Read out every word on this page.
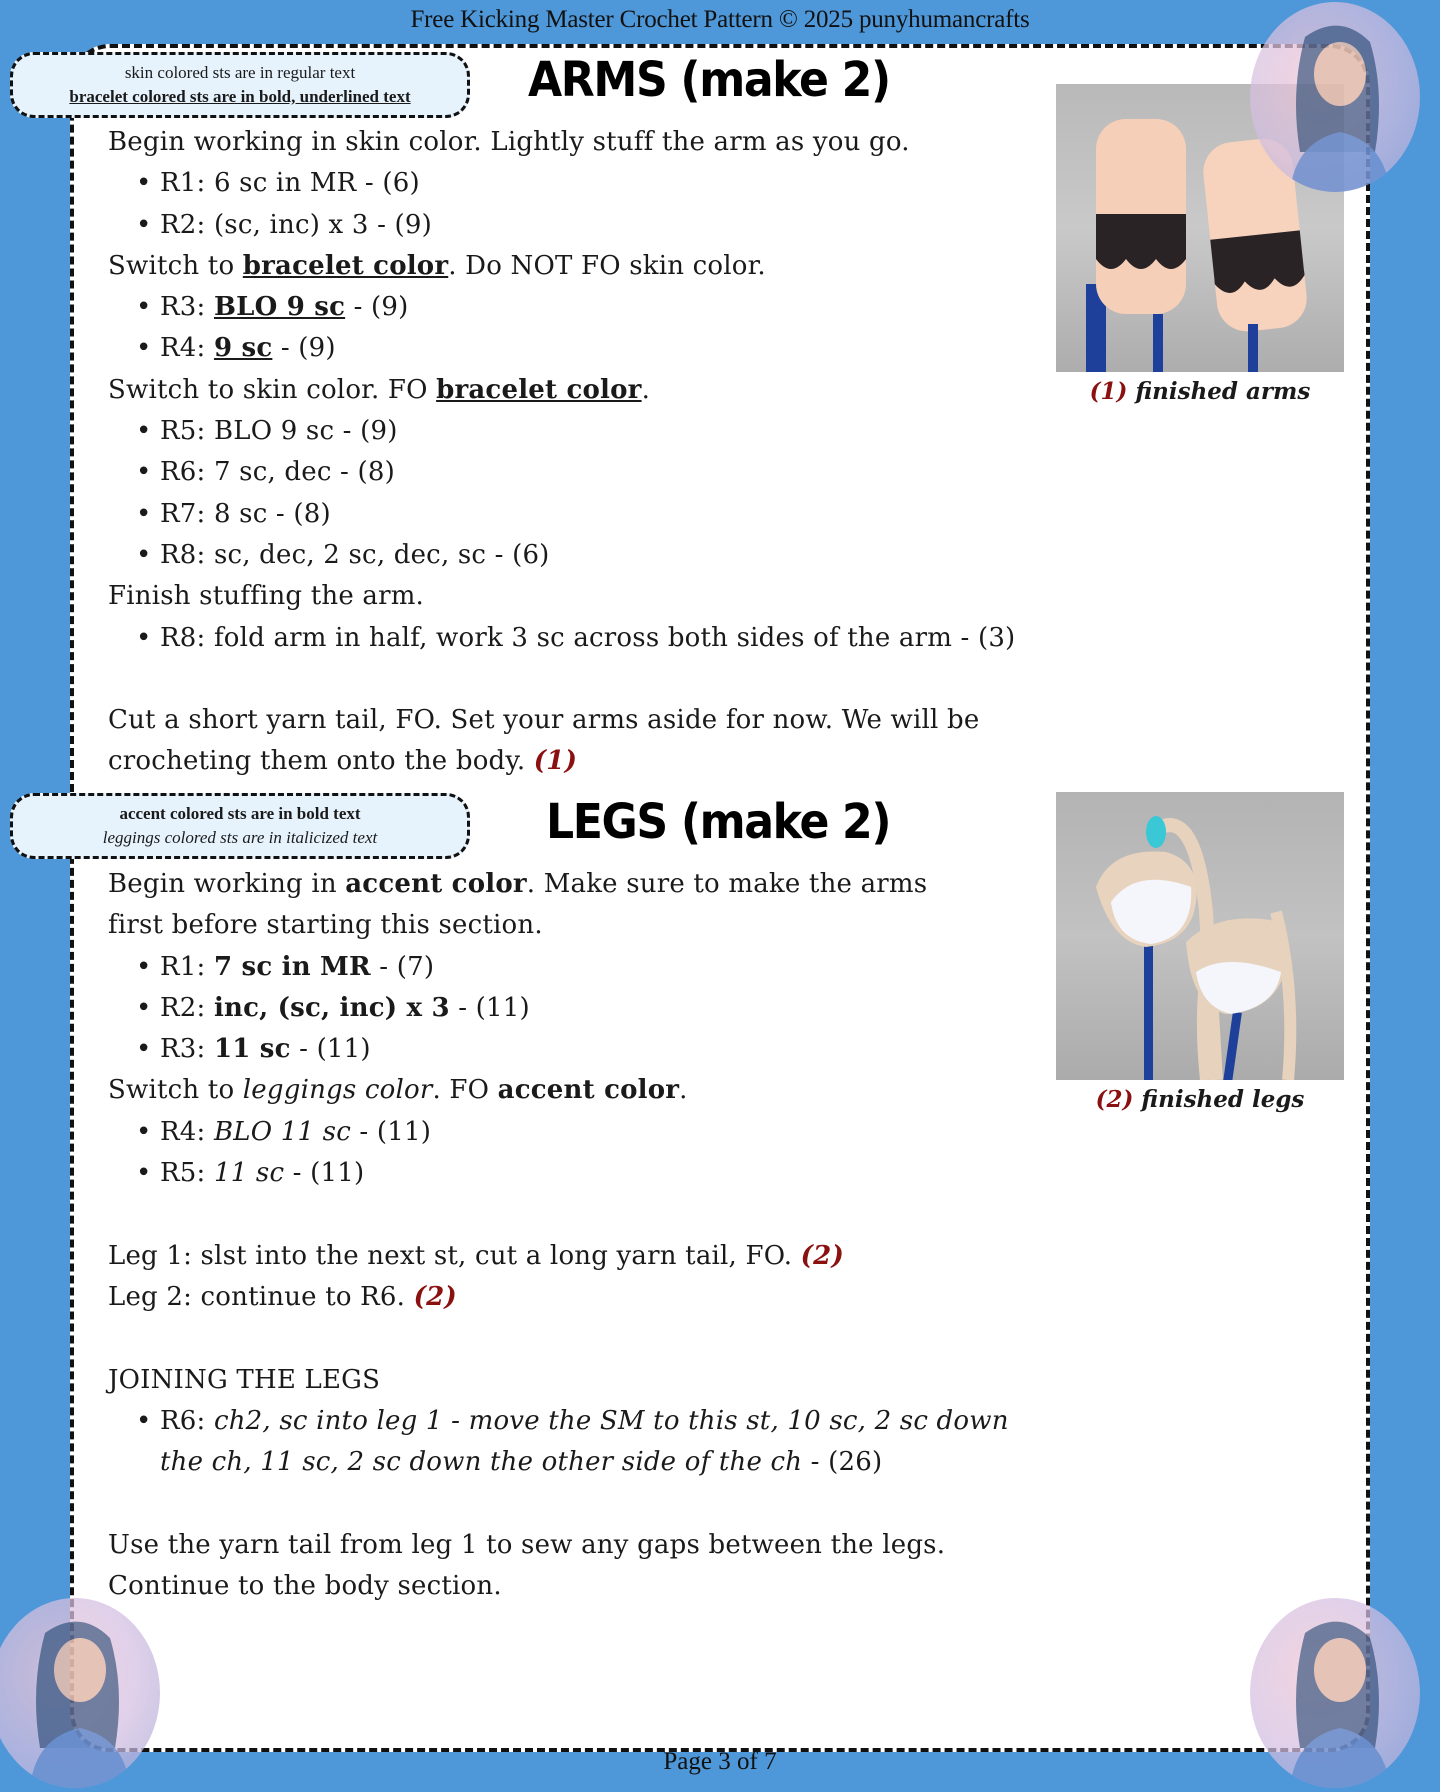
Free Kicking Master Crochet Pattern © 2025 punyhumancrafts
skin colored sts are in regular text
bracelet colored sts are in bold, underlined text	ARMS (make 2)

Begin working in skin color. Lightly stuff the arm as you go.

• R1: 6 sc in MR - (6)
• R2: (sc, inc) x 3 - (9)

Switch to bracelet color. Do NOT FO skin color.

• R3: BLO 9 sc - (9)
• R4: 9 sc - (9)

Switch to skin color. FO bracelet color.

• R5: BLO 9 sc - (9)
• R6: 7 sc, dec - (8)
• R7: 8 sc - (8)
• R8: sc, dec, 2 sc, dec, sc - (6)

Finish stuffing the arm.

• R8: fold arm in half, work 3 sc across both sides of the arm - (3)

Cut a short yarn tail, FO. Set your arms aside for now. We will be

crocheting them onto the body. (1)

(1) finished arms
accent colored sts are in bold text
leggings colored sts are in italicized text	LEGS (make 2)

Begin working in accent color. Make sure to make the arms

first before starting this section.

• R1: 7 sc in MR - (7)
• R2: inc, (sc, inc) x 3 - (11)
• R3: 11 sc - (11)

Switch to leggings color. FO accent color.

• R4: BLO 11 sc - (11)
• R5: 11 sc - (11)

Leg 1: slst into the next st, cut a long yarn tail, FO. (2)

Leg 2: continue to R6. (2)

JOINING THE LEGS

• R6: ch2, sc into leg 1 - move the SM to this st, 10 sc, 2 sc down the ch, 11 sc, 2 sc down the other side of the ch - (26)

Use the yarn tail from leg 1 to sew any gaps between the legs.

Continue to the body section.

(2) finished legs
Page 3 of 7
